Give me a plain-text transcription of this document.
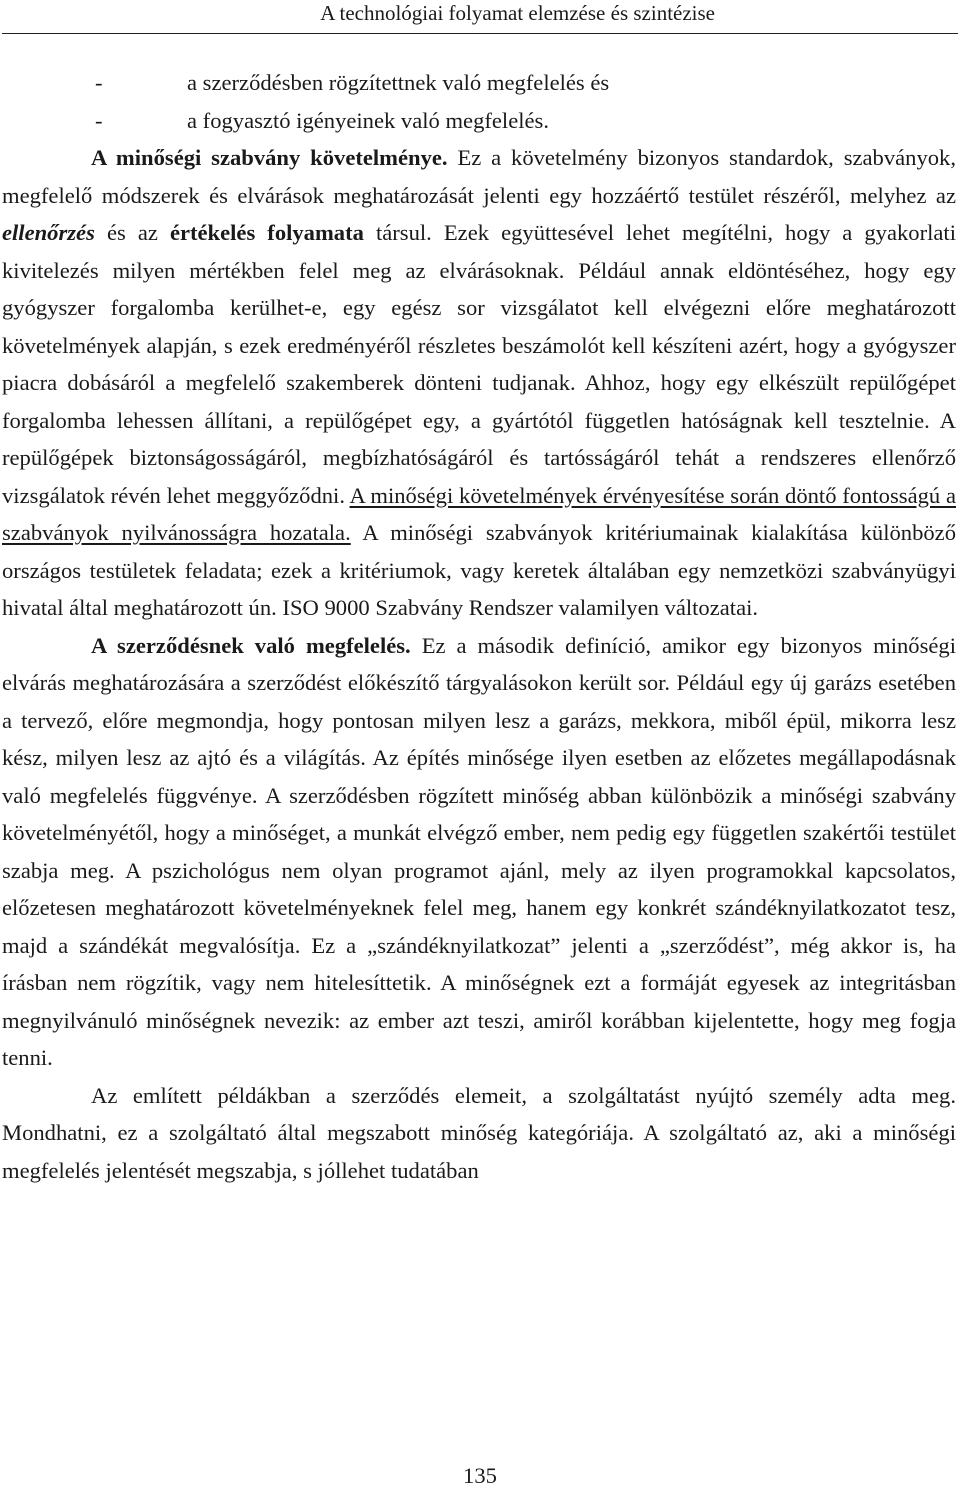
A technológiai folyamat elemzése és szintézise
-	a szerződésben rögzítettnek való megfelelés és
-	a fogyasztó igényeinek való megfelelés.

A minőségi szabvány követelménye. Ez a követelmény bizonyos standardok, szabványok, megfelelő módszerek és elvárások meghatározását jelenti egy hozzáértő testület részéről, melyhez az ellenőrzés és az értékelés folyamata társul. Ezek együttesével lehet megítélni, hogy a gyakorlati kivitelezés milyen mértékben felel meg az elvárásoknak. Például annak eldöntéséhez, hogy egy gyógyszer forgalomba kerülhet-e, egy egész sor vizsgálatot kell elvégezni előre meghatározott követelmények alapján, s ezek eredményéről részletes beszámolót kell készíteni azért, hogy a gyógyszer piacra dobásáról a megfelelő szakemberek dönteni tudjanak. Ahhoz, hogy egy elkészült repülőgépet forgalomba lehessen állítani, a repülőgépet egy, a gyártótól független hatóságnak kell tesztelnie. A repülőgépek biztonságosságáról, megbízhatóságáról és tartósságáról tehát a rendszeres ellenőrző vizsgálatok révén lehet meggyőződni. A minőségi követelmények érvényesítése során döntő fontosságú a szabványok nyilvánosságra hozatala. A minőségi szabványok kritériumainak kialakítása különböző országos testületek feladata; ezek a kritériumok, vagy keretek általában egy nemzetközi szabványügyi hivatal által meghatározott ún. ISO 9000 Szabvány Rendszer valamilyen változatai.

A szerződésnek való megfelelés. Ez a második definíció, amikor egy bizonyos minőségi elvárás meghatározására a szerződést előkészítő tárgyalásokon került sor. Például egy új garázs esetében a tervező, előre megmondja, hogy pontosan milyen lesz a garázs, mekkora, miből épül, mikorra lesz kész, milyen lesz az ajtó és a világítás. Az építés minősége ilyen esetben az előzetes megállapodásnak való megfelelés függvénye. A szerződésben rögzített minőség abban különbözik a minőségi szabvány követelményétől, hogy a minőséget, a munkát elvégző ember, nem pedig egy független szakértői testület szabja meg. A pszichológus nem olyan programot ajánl, mely az ilyen programokkal kapcsolatos, előzetesen meghatározott követelményeknek felel meg, hanem egy konkrét szándéknyilatkozatot tesz, majd a szándékát megvalósítja. Ez a „szándéknyilatkozat” jelenti a „szerződést”, még akkor is, ha írásban nem rögzítik, vagy nem hitelesíttetik. A minőségnek ezt a formáját egyesek az integritásban megnyilvánuló minőségnek nevezik: az ember azt teszi, amiről korábban kijelentette, hogy meg fogja tenni.

Az említett példákban a szerződés elemeit, a szolgáltatást nyújtó személy adta meg. Mondhatni, ez a szolgáltató által megszabott minőség kategóriája. A szolgáltató az, aki a minőségi megfelelés jelentését megszabja, s jóllehet tudatában

135
